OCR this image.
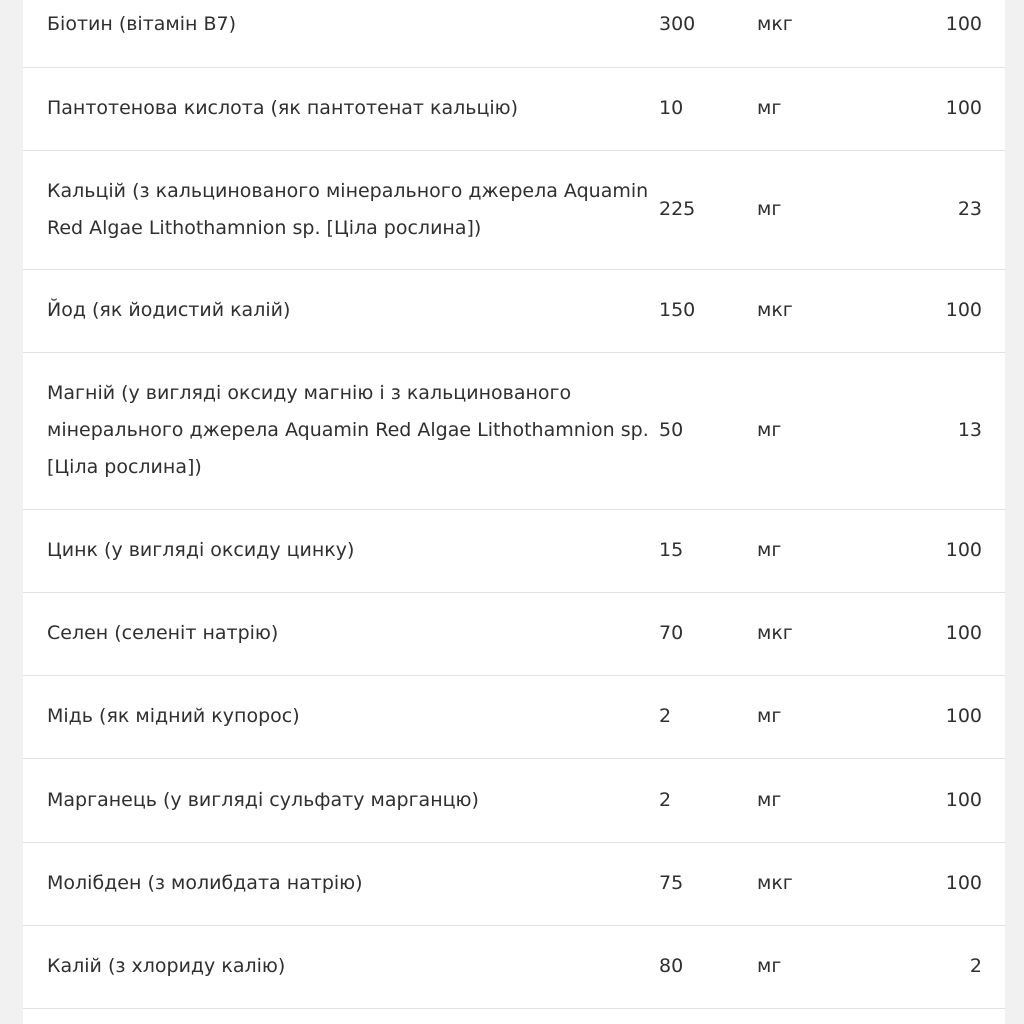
Біотин (вітамін B7)	300	мкг	100
Пантотенова кислота (як пантотенат кальцію)	10	мг	100
Кальцій (з кальцинованого мінерального джерела Aquamin Red Algae Lithothamnion sp. [Ціла рослина])	225	мг	23
Йод (як йодистий калій)	150	мкг	100
Магній (у вигляді оксиду магнію і з кальцинованого мінерального джерела Aquamin Red Algae Lithothamnion sp. [Ціла рослина])	50	мг	13
Цинк (у вигляді оксиду цинку)	15	мг	100
Селен (селеніт натрію)	70	мкг	100
Мідь (як мідний купорос)	2	мг	100
Марганець (у вигляді сульфату марганцю)	2	мг	100
Молібден (з молибдата натрію)	75	мкг	100
Калій (з хлориду калію)	80	мг	2
